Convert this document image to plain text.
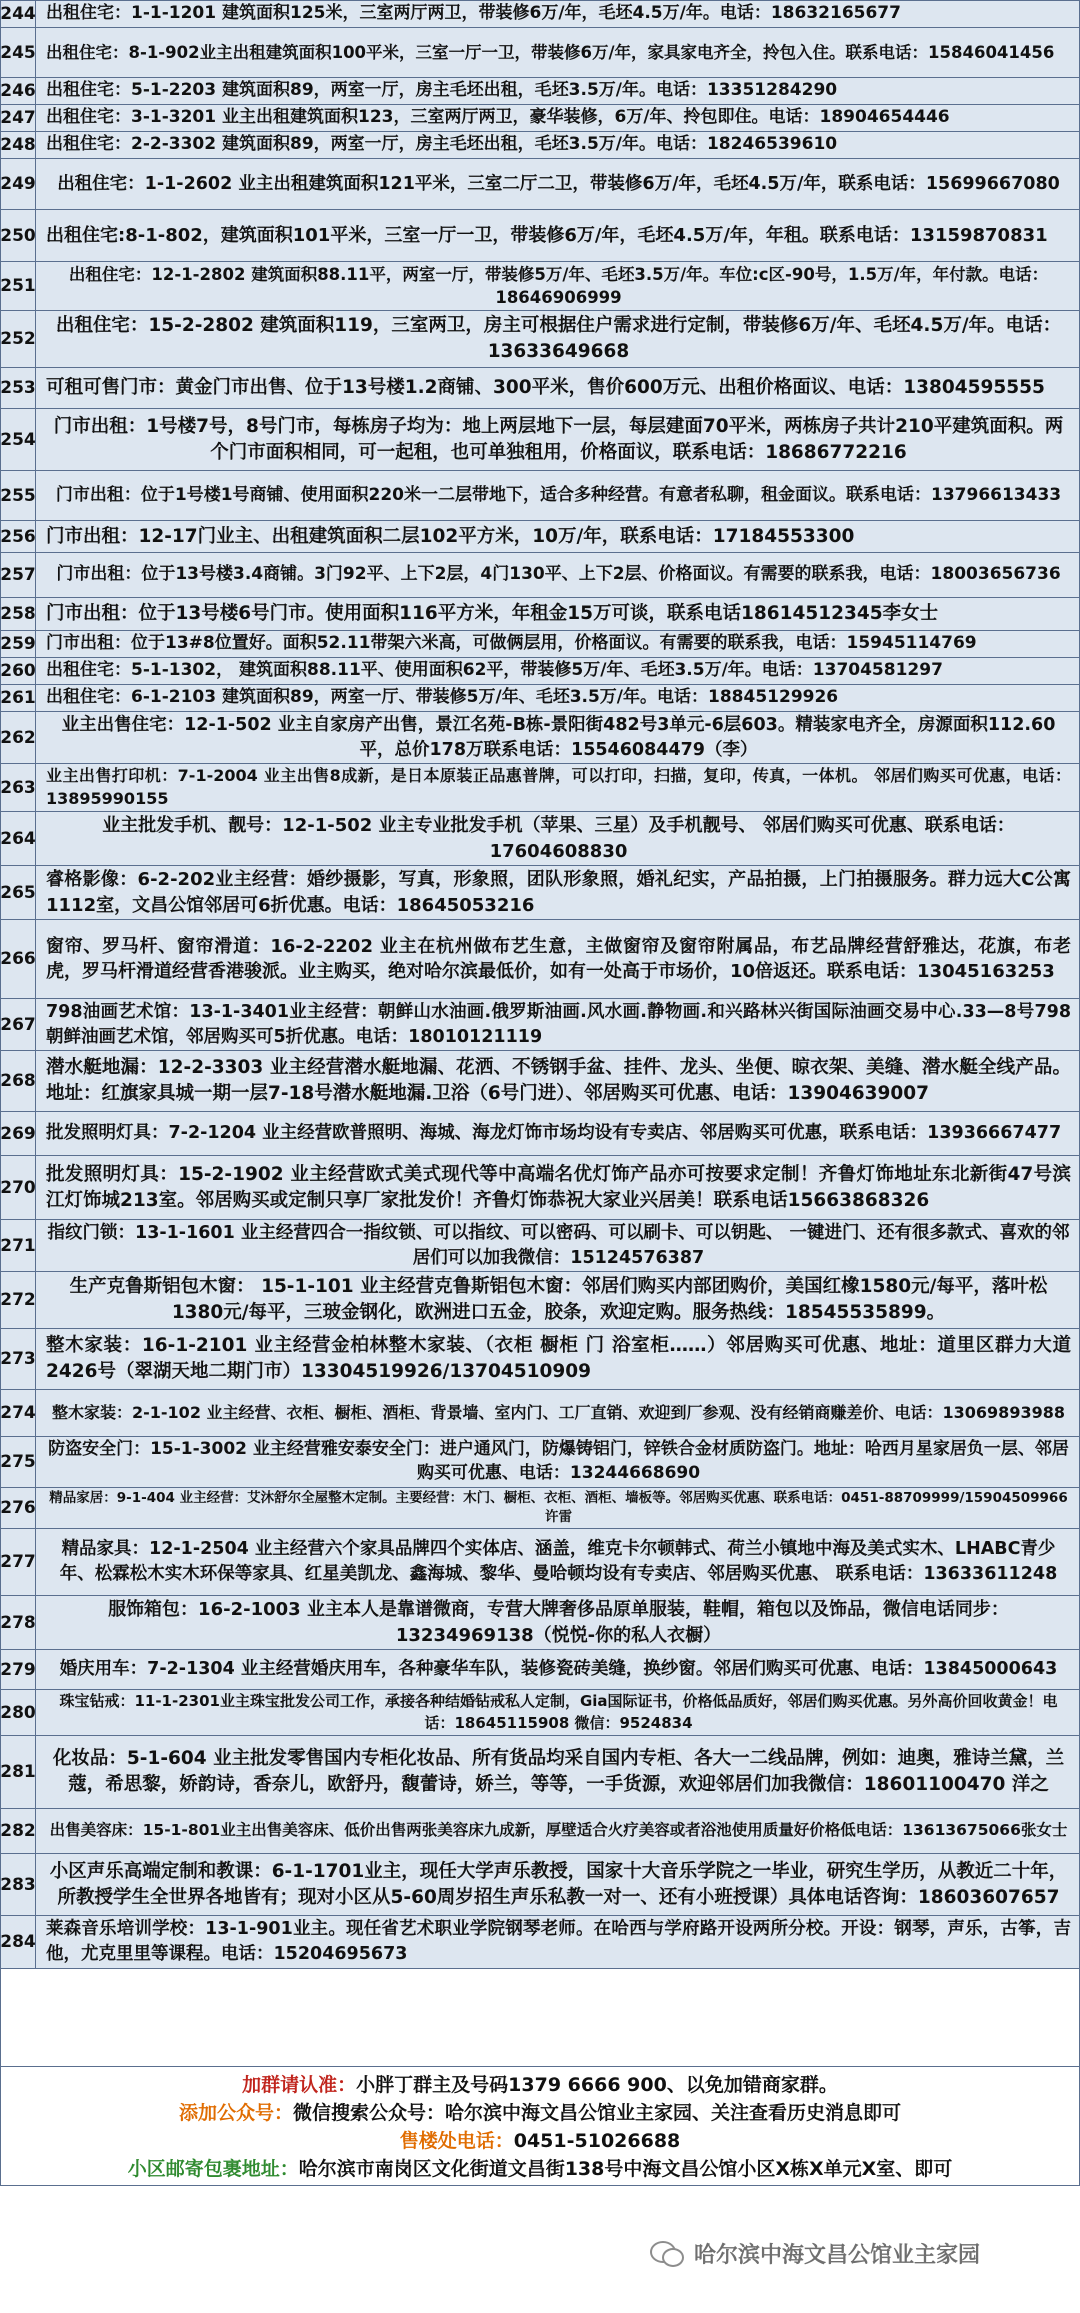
244 出租住宅：1-1-1201 建筑面积125米，三室两厅两卫，带装修6万/年，毛坯4.5万/年。电话：18632165677
245 出租住宅：8-1-902业主出租建筑面积100平米，三室一厅一卫，带装修6万/年，家具家电齐全，拎包入住。联系电话：15846041456
246 出租住宅：5-1-2203 建筑面积89，两室一厅，房主毛坯出租，毛坯3.5万/年。电话：13351284290
247 出租住宅：3-1-3201 业主出租建筑面积123，三室两厅两卫，豪华装修，6万/年、拎包即住。电话：18904654446
248 出租住宅：2-2-3302 建筑面积89，两室一厅，房主毛坯出租，毛坯3.5万/年。电话：18246539610
249	出租住宅：1-1-2602 业主出租建筑面积121平米，三室二厅二卫，带装修6万/年，毛坯4.5万/年，联系电话：15699667080
250 出租住宅:8-1-802，建筑面积101平米，三室一厅一卫，带装修6万/年，毛坯4.5万/年，年租。联系电话：13159870831
251
出租住宅：12-1-2802 建筑面积88.11平，两室一厅，带装修5万/年、毛坯3.5万/年。车位:c区-90号，1.5万/年，年付款。电话：18646906999
252
出租住宅：15-2-2802 建筑面积119，三室两卫，房主可根据住户需求进行定制，带装修6万/年、毛坯4.5万/年。电话：13633649668
253 可租可售门市：黄金门市出售、位于13号楼1.2商铺、300平米，售价600万元、出租价格面议、电话：13804595555
254
门市出租：1号楼7号，8号门市，每栋房子均为：地上两层地下一层，每层建面70平米，两栋房子共计210平建筑面积。两个门市面积相同，可一起租，也可单独租用，价格面议，联系电话：18686772216
255	门市出租：位于1号楼1号商铺、使用面积220米一二层带地下，适合多种经营。有意者私聊，租金面议。联系电话：13796613433
256 门市出租：12-17门业主、出租建筑面积二层102平方米，10万/年，联系电话：17184553300
257	门市出租：位于13号楼3.4商铺。3门92平、上下2层，4门130平、上下2层、价格面议。有需要的联系我，电话：18003656736
258 门市出租：位于13号楼6号门市。使用面积116平方米，年租金15万可谈，联系电话18614512345李女士
259 门市出租：位于13#8位置好。面积52.11带架六米高，可做俩层用，价格面议。有需要的联系我，电话：15945114769
260 出租住宅：5-1-1302， 建筑面积88.11平、使用面积62平，带装修5万/年、毛坯3.5万/年。电话：13704581297
261 出租住宅：6-1-2103 建筑面积89，两室一厅、带装修5万/年、毛坯3.5万/年。电话：18845129926
262
业主出售住宅：12-1-502 业主自家房产出售，景江名苑-B栋-景阳街482号3单元-6层603。精装家电齐全，房源面积112.60平，总价178万联系电话：15546084479（李）
263
业主出售打印机：7-1-2004 业主出售8成新，是日本原装正品惠普牌，可以打印，扫描，复印，传真，一体机。 邻居们购买可优惠，电话：13895990155
264
业主批发手机、靓号：12-1-502 业主专业批发手机（苹果、三星）及手机靓号、 邻居们购买可优惠、联系电话：17604608830
265
睿格影像：6-2-202业主经营：婚纱摄影，写真，形象照，团队形象照，婚礼纪实，产品拍摄，上门拍摄服务。群力远大C公寓1112室，文昌公馆邻居可6折优惠。电话：18645053216
266
窗帘、罗马杆、窗帘滑道：16-2-2202 业主在杭州做布艺生意，主做窗帘及窗帘附属品，布艺品牌经营舒雅达，花旗，布老虎，罗马杆滑道经营香港骏派。业主购买，绝对哈尔滨最低价，如有一处高于市场价，10倍返还。联系电话：13045163253
267
798油画艺术馆：13-1-3401业主经营：朝鲜山水油画.俄罗斯油画.风水画.静物画.和兴路林兴街国际油画交易中心.33—8号798朝鲜油画艺术馆，邻居购买可5折优惠。电话：18010121119
268
潜水艇地漏：12-2-3303 业主经营潜水艇地漏、花洒、不锈钢手盆、挂件、龙头、坐便、晾衣架、美缝、潜水艇全线产品。地址：红旗家具城一期一层7-18号潜水艇地漏.卫浴（6号门进）、邻居购买可优惠、电话：13904639007
269 批发照明灯具：7-2-1204 业主经营欧普照明、海城、海龙灯饰市场均设有专卖店、邻居购买可优惠，联系电话：13936667477
270
批发照明灯具：15-2-1902 业主经营欧式美式现代等中高端名优灯饰产品亦可按要求定制！齐鲁灯饰地址东北新街47号滨江灯饰城213室。邻居购买或定制只享厂家批发价！齐鲁灯饰恭祝大家业兴居美！联系电话15663868326
271
指纹门锁：13-1-1601 业主经营四合一指纹锁、可以指纹、可以密码、可以刷卡、可以钥匙、 一键进门、还有很多款式、喜欢的邻居们可以加我微信：15124576387
272
生产克鲁斯铝包木窗： 15-1-101 业主经营克鲁斯铝包木窗：邻居们购买内部团购价，美国红橡1580元/每平，落叶松1380元/每平，三玻金钢化，欧洲进口五金，胶条，欢迎定购。服务热线：18545535899。
273
整木家装：16-1-2101 业主经营金柏林整木家装、（衣柜 橱柜 门 浴室柜……）邻居购买可优惠、地址：道里区群力大道2426号（翠湖天地二期门市）13304519926/13704510909
274	整木家装：2-1-102 业主经营、衣柜、橱柜、酒柜、背景墙、室内门、工厂直销、欢迎到厂参观、没有经销商赚差价、电话：13069893988
275
防盗安全门：15-1-3002 业主经营雅安泰安全门：进户通风门，防爆铸铝门，锌铁合金材质防盗门。地址：哈西月星家居负一层、邻居购买可优惠、电话：13244668690
276 精品家居：9-1-404 业主经营：艾沐舒尔全屋整木定制。主要经营：木门、橱柜、衣柜、酒柜、墙板等。邻居购买优惠、联系电话：0451-88709999/15904509966许雷
277
精品家具：12-1-2504 业主经营六个家具品牌四个实体店、涵盖，维克卡尔顿韩式、荷兰小镇地中海及美式实木、LHABC青少年、松霖松木实木环保等家具、红星美凯龙、鑫海城、黎华、曼哈顿均设有专卖店、邻居购买优惠、 联系电话：13633611248
278
服饰箱包：16-2-1003 业主本人是靠谱微商，专营大牌奢侈品原单服装，鞋帽，箱包以及饰品，微信电话同步：13234969138（悦悦-你的私人衣橱）
279	婚庆用车：7-2-1304 业主经营婚庆用车，各种豪华车队，装修瓷砖美缝，换纱窗。邻居们购买可优惠、电话：13845000643
280
珠宝钻戒：11-1-2301业主珠宝批发公司工作，承接各种结婚钻戒私人定制，Gia国际证书，价格低品质好，邻居们购买优惠。另外高价回收黄金！电话：18645115908 微信：9524834
281
化妆品：5-1-604 业主批发零售国内专柜化妆品、所有货品均采自国内专柜、各大一二线品牌，例如：迪奥，雅诗兰黛，兰蔻，希思黎，娇韵诗，香奈儿，欧舒丹，馥蕾诗，娇兰，等等，一手货源，欢迎邻居们加我微信：18601100470 洋之
282 出售美容床：15-1-801业主出售美容床、低价出售两张美容床九成新，厚壁适合火疗美容或者浴池使用质量好价格低电话：13613675066张女士
283
小区声乐高端定制和教课：6-1-1701业主，现任大学声乐教授，国家十大音乐学院之一毕业，研究生学历，从教近二十年，所教授学生全世界各地皆有；现对小区从5-60周岁招生声乐私教一对一、还有小班授课）具体电话咨询：18603607657
284
莱森音乐培训学校：13-1-901业主。现任省艺术职业学院钢琴老师。在哈西与学府路开设两所分校。开设：钢琴，声乐，古筝，吉他，尤克里里等课程。电话：15204695673
加群请认准：小胖丁群主及号码1379 6666 900、以免加错商家群。
添加公众号：微信搜索公众号：哈尔滨中海文昌公馆业主家园、关注查看历史消息即可
售楼处电话：0451-51026688
小区邮寄包裹地址：哈尔滨市南岗区文化街道文昌街138号中海文昌公馆小区X栋X单元X室、即可
哈尔滨中海文昌公馆业主家园
